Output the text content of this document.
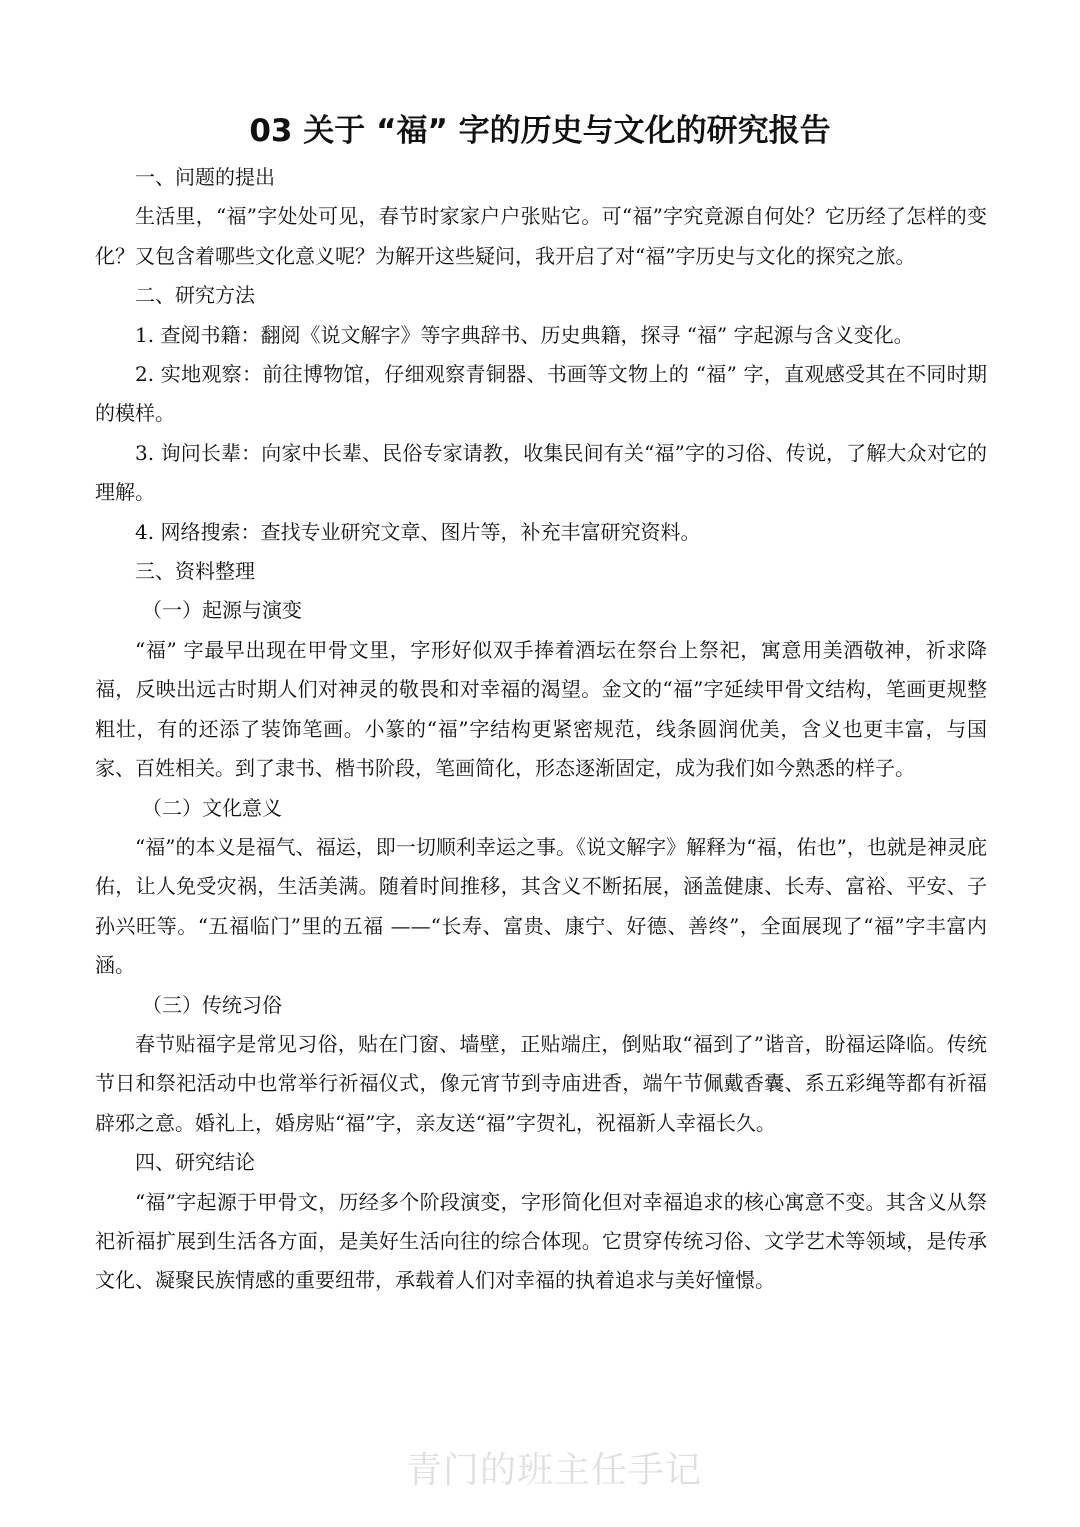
03 关于 “福” 字的历史与文化的研究报告

一、问题的提出

生活里，“福”字处处可见，春节时家家户户张贴它。可“福”字究竟源自何处？它历经了怎样的变化？又包含着哪些文化意义呢？为解开这些疑问，我开启了对“福”字历史与文化的探究之旅。

二、研究方法

1. 查阅书籍：翻阅《说文解字》等字典辞书、历史典籍，探寻 “福” 字起源与含义变化。

2. 实地观察：前往博物馆，仔细观察青铜器、书画等文物上的 “福” 字，直观感受其在不同时期的模样。

3. 询问长辈：向家中长辈、民俗专家请教，收集民间有关“福”字的习俗、传说，了解大众对它的理解。

4. 网络搜索：查找专业研究文章、图片等，补充丰富研究资料。

三、资料整理

（一）起源与演变

“福” 字最早出现在甲骨文里，字形好似双手捧着酒坛在祭台上祭祀，寓意用美酒敬神，祈求降福，反映出远古时期人们对神灵的敬畏和对幸福的渴望。金文的“福”字延续甲骨文结构，笔画更规整粗壮，有的还添了装饰笔画。小篆的“福”字结构更紧密规范，线条圆润优美，含义也更丰富，与国家、百姓相关。到了隶书、楷书阶段，笔画简化，形态逐渐固定，成为我们如今熟悉的样子。

（二）文化意义

“福”的本义是福气、福运，即一切顺利幸运之事。《说文解字》解释为“福，佑也”，也就是神灵庇佑，让人免受灾祸，生活美满。随着时间推移，其含义不断拓展，涵盖健康、长寿、富裕、平安、子孙兴旺等。“五福临门”里的五福 ——“长寿、富贵、康宁、好德、善终”，全面展现了“福”字丰富内涵。

（三）传统习俗

春节贴福字是常见习俗，贴在门窗、墙壁，正贴端庄，倒贴取“福到了”谐音，盼福运降临。传统节日和祭祀活动中也常举行祈福仪式，像元宵节到寺庙进香，端午节佩戴香囊、系五彩绳等都有祈福辟邪之意。婚礼上，婚房贴“福”字，亲友送“福”字贺礼，祝福新人幸福长久。

四、研究结论

“福”字起源于甲骨文，历经多个阶段演变，字形简化但对幸福追求的核心寓意不变。其含义从祭祀祈福扩展到生活各方面，是美好生活向往的综合体现。它贯穿传统习俗、文学艺术等领域，是传承文化、凝聚民族情感的重要纽带，承载着人们对幸福的执着追求与美好憧憬。

青门的班主任手记
